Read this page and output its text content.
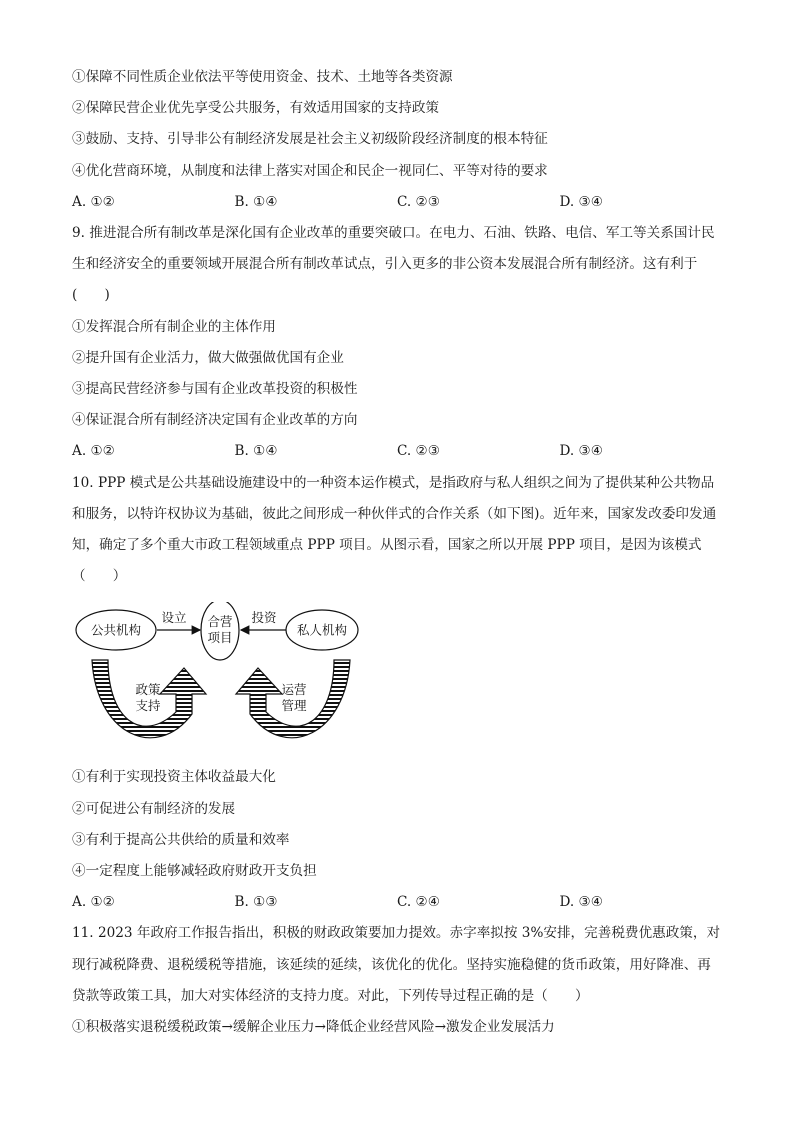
①保障不同性质企业依法平等使用资金、技术、土地等各类资源
②保障民营企业优先享受公共服务，有效适用国家的支持政策
③鼓励、支持、引导非公有制经济发展是社会主义初级阶段经济制度的根本特征
④优化营商环境，从制度和法律上落实对国企和民企一视同仁、平等对待的要求
A. ①②	B. ①④	C. ②③	D. ③④
9. 推进混合所有制改革是深化国有企业改革的重要突破口。在电力、石油、铁路、电信、军工等关系国计民生和经济安全的重要领域开展混合所有制改革试点，引入更多的非公资本发展混合所有制经济。这有利于(　　)
①发挥混合所有制企业的主体作用
②提升国有企业活力，做大做强做优国有企业
③提高民营经济参与国有企业改革投资的积极性
④保证混合所有制经济决定国有企业改革的方向
A. ①②	B. ①④	C. ②③	D. ③④
10. PPP 模式是公共基础设施建设中的一种资本运作模式，是指政府与私人组织之间为了提供某种公共物品和服务，以特许权协议为基础，彼此之间形成一种伙伴式的合作关系（如下图)。近年来，国家发改委印发通知，确定了多个重大市政工程领域重点 PPP 项目。从图示看，国家之所以开展 PPP 项目，是因为该模式（　　）
公共机构
设立 合营
项目
投资
私人机构
政策
支持
运营
管理
①有利于实现投资主体收益最大化
②可促进公有制经济的发展
③有利于提高公共供给的质量和效率
④一定程度上能够减轻政府财政开支负担
A. ①②	B. ①③	C. ②④	D. ③④
11. 2023 年政府工作报告指出，积极的财政政策要加力提效。赤字率拟按 3%安排，完善税费优惠政策，对现行减税降费、退税缓税等措施，该延续的延续，该优化的优化。坚持实施稳健的货币政策，用好降准、再贷款等政策工具，加大对实体经济的支持力度。对此，下列传导过程正确的是（　　）
①积极落实退税缓税政策→缓解企业压力→降低企业经营风险→激发企业发展活力
